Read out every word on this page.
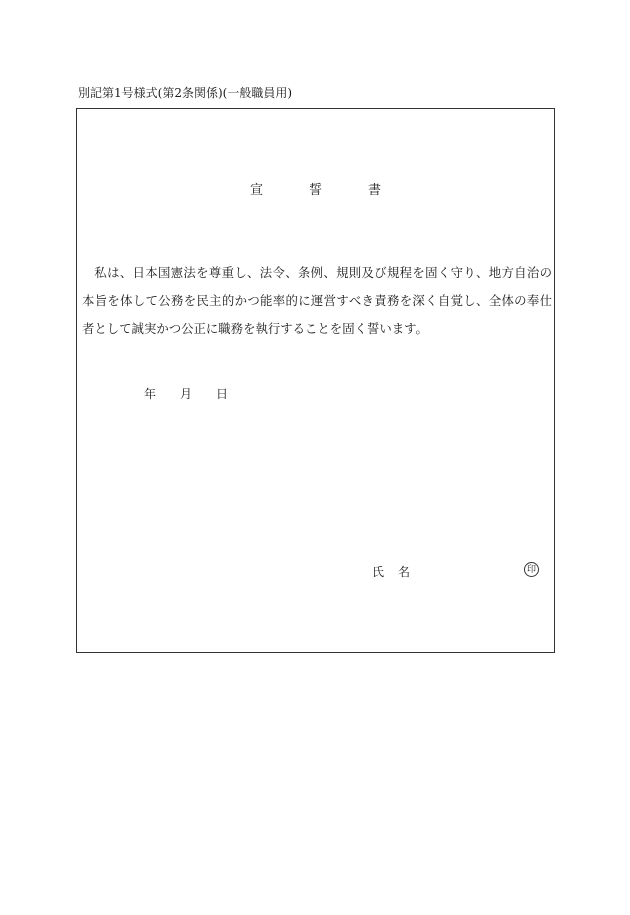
別記第1号様式(第2条関係)(一般職員用)
宣	誓	書
私は、日本国憲法を尊重し、法令、条例、規則及び規程を固く守り、地方自治の本旨を体して公務を民主的かつ能率的に運営すべき責務を深く自覚し、全体の奉仕者として誠実かつ公正に職務を執行することを固く誓います。
年 月 日
氏 名	印
